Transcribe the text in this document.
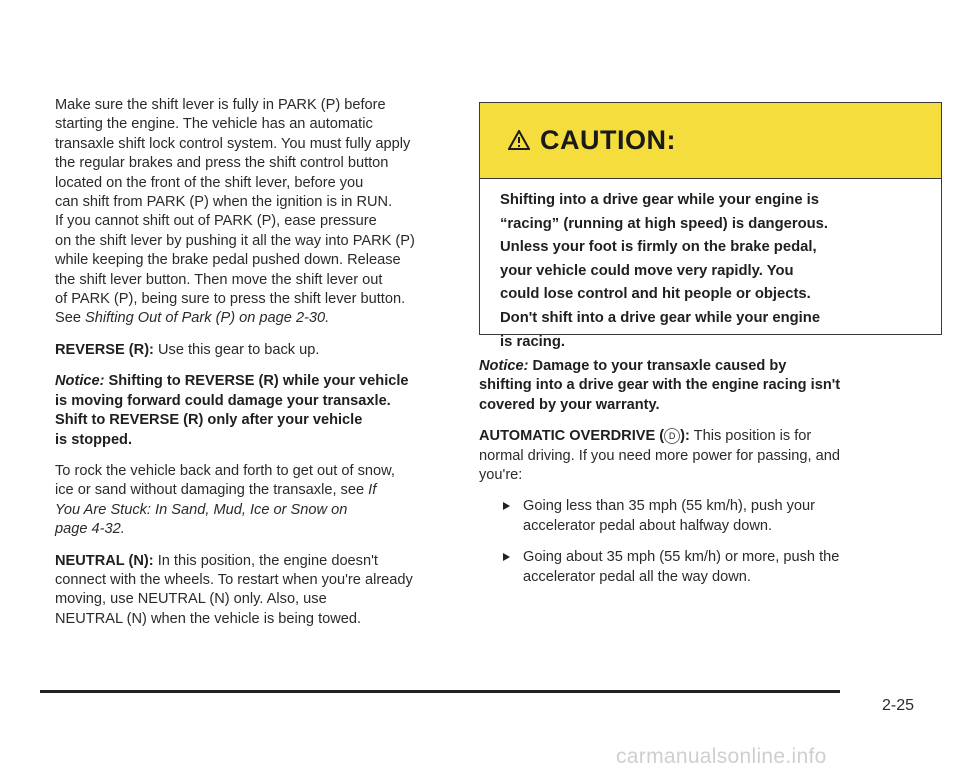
Make sure the shift lever is fully in PARK (P) before
starting the engine. The vehicle has an automatic
transaxle shift lock control system. You must fully apply
the regular brakes and press the shift control button
located on the front of the shift lever, before you
can shift from PARK (P) when the ignition is in RUN.
If you cannot shift out of PARK (P), ease pressure
on the shift lever by pushing it all the way into PARK (P)
while keeping the brake pedal pushed down. Release
the shift lever button. Then move the shift lever out
of PARK (P), being sure to press the shift lever button.
See Shifting Out of Park (P) on page 2-30.

REVERSE (R): Use this gear to back up.

Notice: Shifting to REVERSE (R) while your vehicle
is moving forward could damage your transaxle.
Shift to REVERSE (R) only after your vehicle
is stopped.

To rock the vehicle back and forth to get out of snow,
ice or sand without damaging the transaxle, see If
You Are Stuck: In Sand, Mud, Ice or Snow on
page 4-32.

NEUTRAL (N): In this position, the engine doesn't
connect with the wheels. To restart when you're already
moving, use NEUTRAL (N) only. Also, use
NEUTRAL (N) when the vehicle is being towed.

CAUTION:
Shifting into a drive gear while your engine is
“racing” (running at high speed) is dangerous.
Unless your foot is firmly on the brake pedal,
your vehicle could move very rapidly. You
could lose control and hit people or objects.
Don't shift into a drive gear while your engine
is racing.

Notice: Damage to your transaxle caused by
shifting into a drive gear with the engine racing isn't
covered by your warranty.

AUTOMATIC OVERDRIVE ( D ): This position is for
normal driving. If you need more power for passing, and
you're:

Going less than 35 mph (55 km/h), push your
accelerator pedal about halfway down.
Going about 35 mph (55 km/h) or more, push the
accelerator pedal all the way down.
2-25
carmanualsonline.info
